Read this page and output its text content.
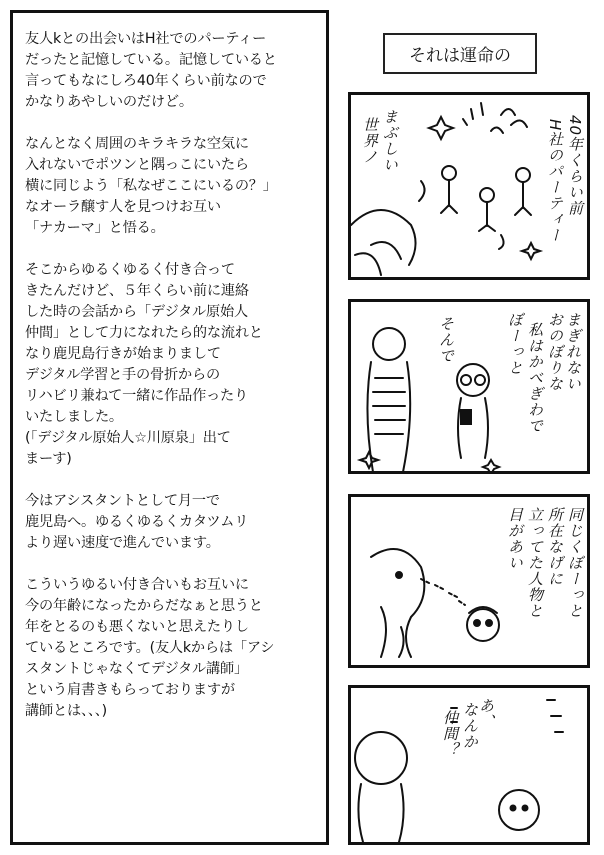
友人kとの出会いはH社でのパーティー
だったと記憶している。記憶していると
言ってもなにしろ40年くらい前なので
かなりあやしいのだけど。

なんとなく周囲のキラキラな空気に
入れないでポツンと隅っこにいたら
横に同じよう「私なぜここにいるの？」
なオーラ醸す人を見つけお互い
「ナカーマ」と悟る。

そこからゆるくゆるく付き合って
きたんだけど、５年くらい前に連絡
した時の会話から「デジタル原始人
仲間」として力になれたら的な流れと
なり鹿児島行きが始まりまして
デジタル学習と手の骨折からの
リハビリ兼ねて一緒に作品作ったり
いたしました。
(「デジタル原始人☆川原泉」出て
まーす)

今はアシスタントとして月一で
鹿児島へ。ゆるくゆるくカタツムリ
より遅い速度で進んでいます。

こういうゆるい付き合いもお互いに
今の年齢になったからだなぁと思うと
年をとるのも悪くないと思えたりし
ているところです。(友人kからは「アシ
スタントじゃなくてデジタル講師」
という肩書きもらっておりますが
講師とは、、、)

それは運命の
40年くらい前
H社のパーティー
まぶしい
世界ノ
まぎれない
おのぼりな
私はかべぎわで
ぼーっと
そんで
同じくぼーっと
所在なげに
立ってた人物と
目があい
あ、
なんか
仲間？
